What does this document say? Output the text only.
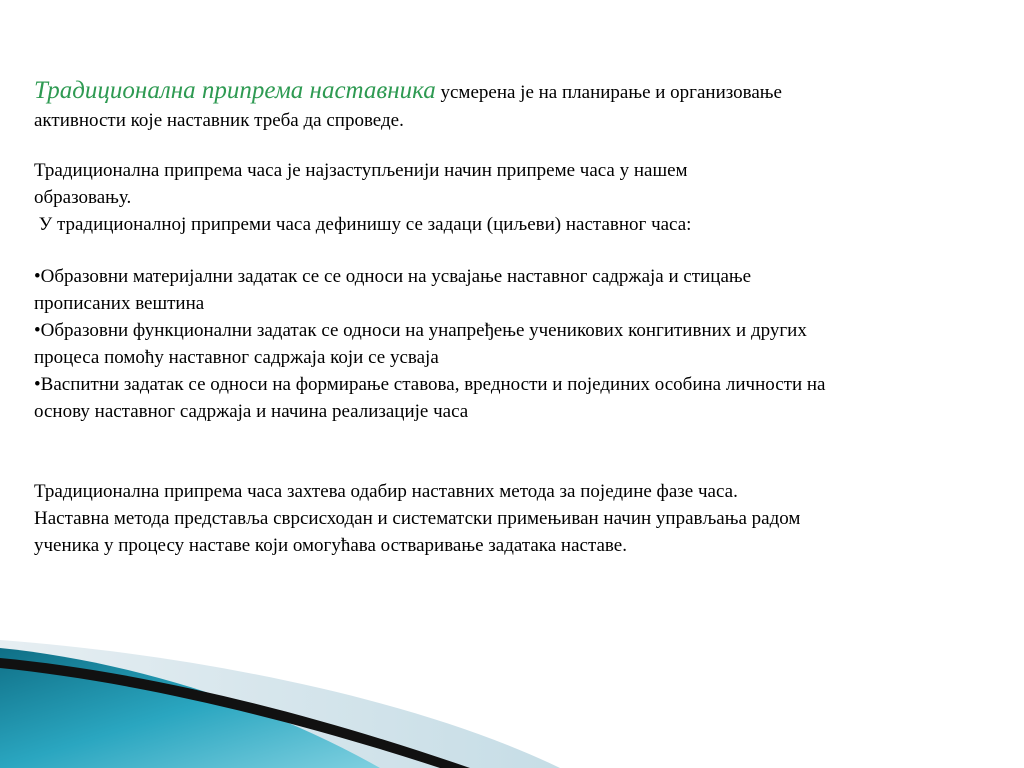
Традиционална припрема наставника усмерена је на планирање и организовање
активности које наставник треба да спроведе.
Традиционална припрема часа је најзаступљенији начин припреме часа у нашем
образовању.
У традиционалној припреми часа дефинишу се задаци (циљеви) наставног часа:
•Образовни материјални задатак се се односи на усвајање наставног садржаја и стицање
прописаних вештина
•Образовни функционални задатак се односи на унапређење ученикових конгитивних и других
процеса помоћу наставног садржаја који се усваја
•Васпитни задатак се односи на формирање ставова, вредности и појединих особина личности на
основу наставног садржаја и начина реализације часа
Традиционална припрема часа захтева одабир наставних метода за појединe фазе часа.
Наставна метода представља сврсисходан и систематски примењиван начин управљања радом
ученика у процесу наставе који омогућава остваривање задатака наставе.
